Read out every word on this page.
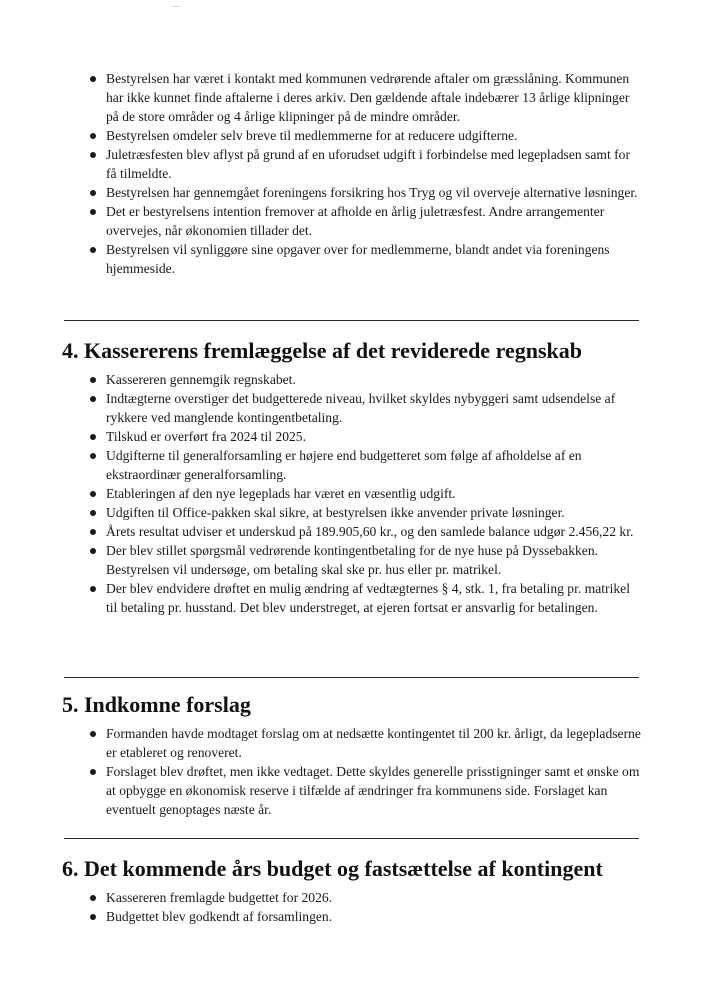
Bestyrelsen har været i kontakt med kommunen vedrørende aftaler om græsslåning. Kommunen har ikke kunnet finde aftalerne i deres arkiv. Den gældende aftale indebærer 13 årlige klipninger på de store områder og 4 årlige klipninger på de mindre områder.
Bestyrelsen omdeler selv breve til medlemmerne for at reducere udgifterne.
Juletræsfesten blev aflyst på grund af en uforudset udgift i forbindelse med legepladsen samt for få tilmeldte.
Bestyrelsen har gennemgået foreningens forsikring hos Tryg og vil overveje alternative løsninger.
Det er bestyrelsens intention fremover at afholde en årlig juletræsfest. Andre arrangementer overvejes, når økonomien tillader det.
Bestyrelsen vil synliggøre sine opgaver over for medlemmerne, blandt andet via foreningens hjemmeside.
4. Kassererens fremlæggelse af det reviderede regnskab
Kassereren gennemgik regnskabet.
Indtægterne overstiger det budgetterede niveau, hvilket skyldes nybyggeri samt udsendelse af rykkere ved manglende kontingentbetaling.
Tilskud er overført fra 2024 til 2025.
Udgifterne til generalforsamling er højere end budgetteret som følge af afholdelse af en ekstraordinær generalforsamling.
Etableringen af den nye legeplads har været en væsentlig udgift.
Udgiften til Office-pakken skal sikre, at bestyrelsen ikke anvender private løsninger.
Årets resultat udviser et underskud på 189.905,60 kr., og den samlede balance udgør 2.456,22 kr.
Der blev stillet spørgsmål vedrørende kontingentbetaling for de nye huse på Dyssebakken. Bestyrelsen vil undersøge, om betaling skal ske pr. hus eller pr. matrikel.
Der blev endvidere drøftet en mulig ændring af vedtægternes § 4, stk. 1, fra betaling pr. matrikel til betaling pr. husstand. Det blev understreget, at ejeren fortsat er ansvarlig for betalingen.
5. Indkomne forslag
Formanden havde modtaget forslag om at nedsætte kontingentet til 200 kr. årligt, da legepladserne er etableret og renoveret.
Forslaget blev drøftet, men ikke vedtaget. Dette skyldes generelle prisstigninger samt et ønske om at opbygge en økonomisk reserve i tilfælde af ændringer fra kommunens side. Forslaget kan eventuelt genoptages næste år.
6. Det kommende års budget og fastsættelse af kontingent
Kassereren fremlagde budgettet for 2026.
Budgettet blev godkendt af forsamlingen.
